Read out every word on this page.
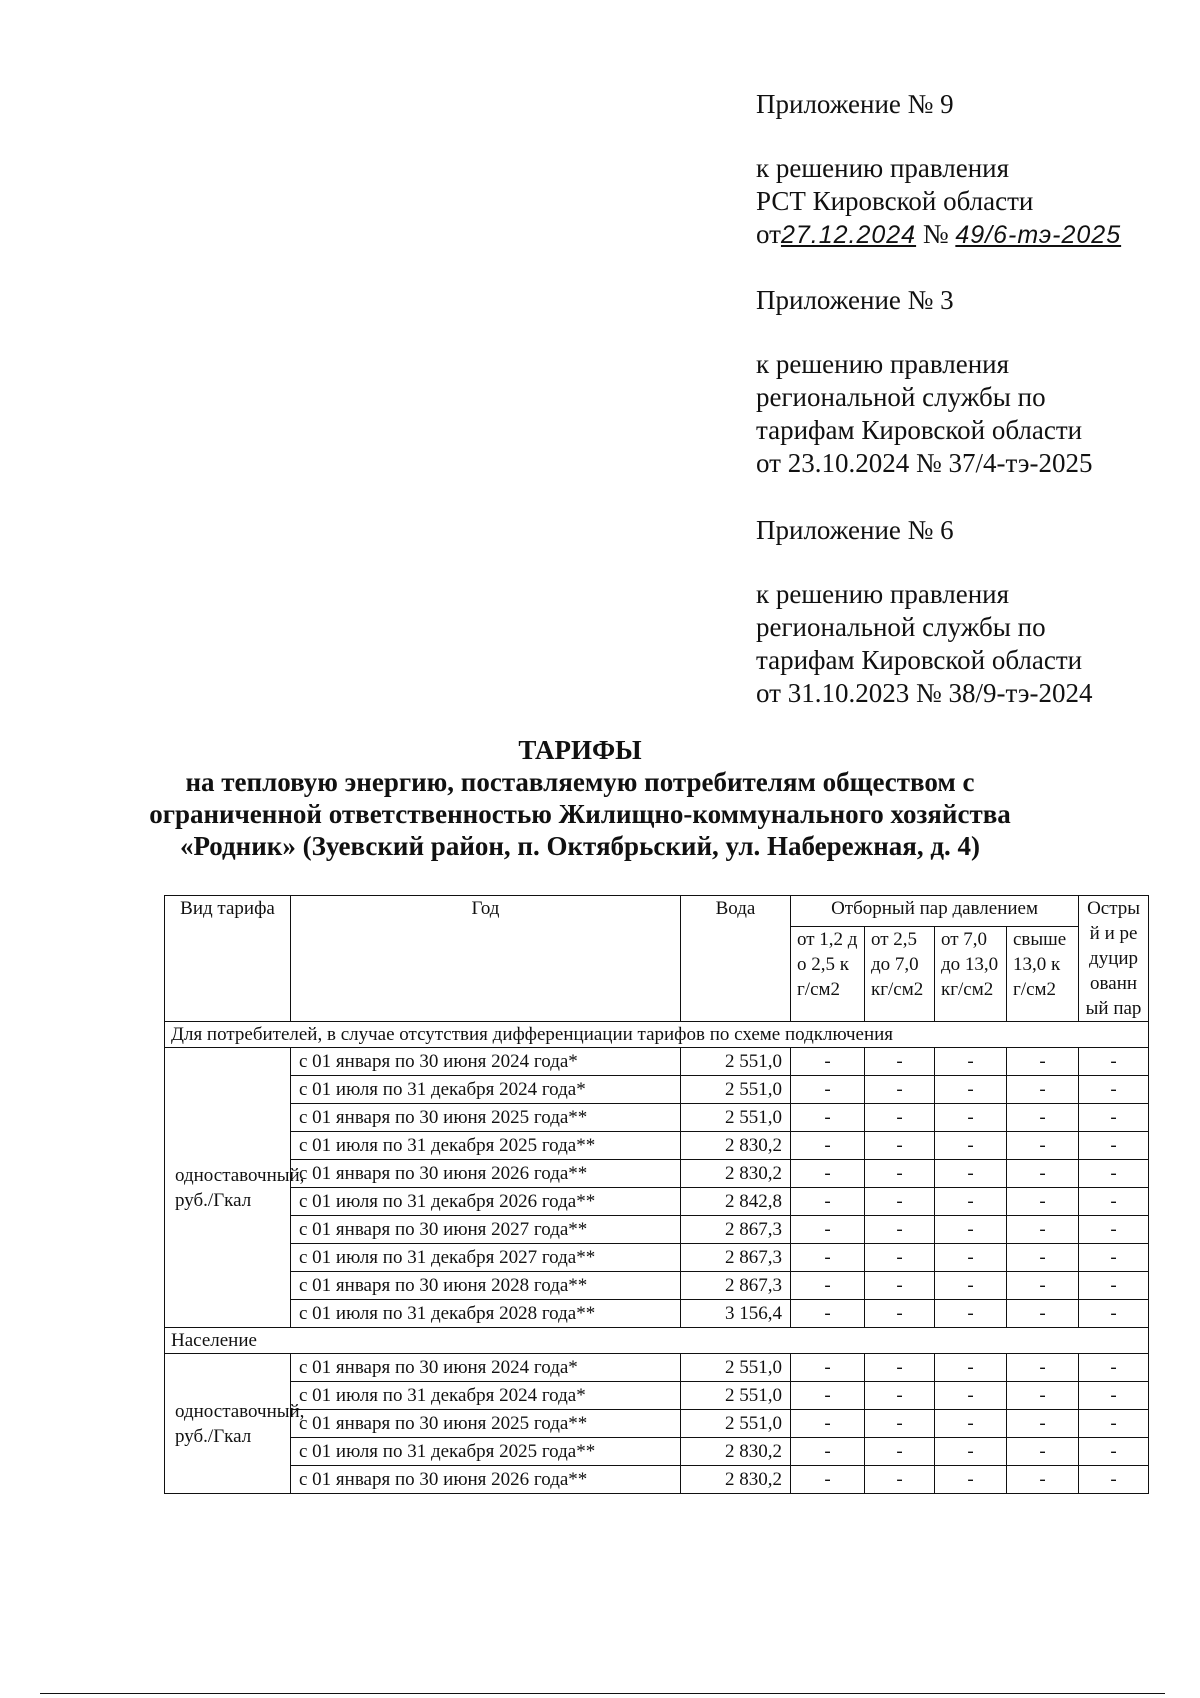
Приложение № 9

к решению правления

РСТ Кировской области

от27.12.2024 № 49/6-тэ-2025

Приложение № 3

к решению правления

региональной службы по

тарифам Кировской области

от 23.10.2024 № 37/4-тэ-2025

Приложение № 6

к решению правления

региональной службы по

тарифам Кировской области

от 31.10.2023 № 38/9-тэ-2024

ТАРИФЫ

на тепловую энергию, поставляемую потребителям обществом с

ограниченной ответственностью Жилищно-коммунального хозяйства

«Родник» (Зуевский район, п. Октябрьский, ул. Набережная, д. 4)

Вид тарифа	Год	Вода	Отборный пар давлением				Острый и редуцированный пар
			от 1,2 до 2,5 кг/см2	от 2,5 до 7,0 кг/см2	от 7,0 до 13,0 кг/см2	свыше 13,0 кг/см2	
Для потребителей, в случае отсутствия дифференциации тарифов по схеме подключения							
одноставочный, руб./Гкал	с 01 января по 30 июня 2024 года*	2 551,0	-	-	-	-	-
	с 01 июля по 31 декабря 2024 года*	2 551,0	-	-	-	-	-
	с 01 января по 30 июня 2025 года**	2 551,0	-	-	-	-	-
	с 01 июля по 31 декабря 2025 года**	2 830,2	-	-	-	-	-
	с 01 января по 30 июня 2026 года**	2 830,2	-	-	-	-	-
	с 01 июля по 31 декабря 2026 года**	2 842,8	-	-	-	-	-
	с 01 января по 30 июня 2027 года**	2 867,3	-	-	-	-	-
	с 01 июля по 31 декабря 2027 года**	2 867,3	-	-	-	-	-
	с 01 января по 30 июня 2028 года**	2 867,3	-	-	-	-	-
	с 01 июля по 31 декабря 2028 года**	3 156,4	-	-	-	-	-
Население							
одноставочный, руб./Гкал	с 01 января по 30 июня 2024 года*	2 551,0	-	-	-	-	-
	с 01 июля по 31 декабря 2024 года*	2 551,0	-	-	-	-	-
	с 01 января по 30 июня 2025 года**	2 551,0	-	-	-	-	-
	с 01 июля по 31 декабря 2025 года**	2 830,2	-	-	-	-	-
	с 01 января по 30 июня 2026 года**	2 830,2	-	-	-	-	-
